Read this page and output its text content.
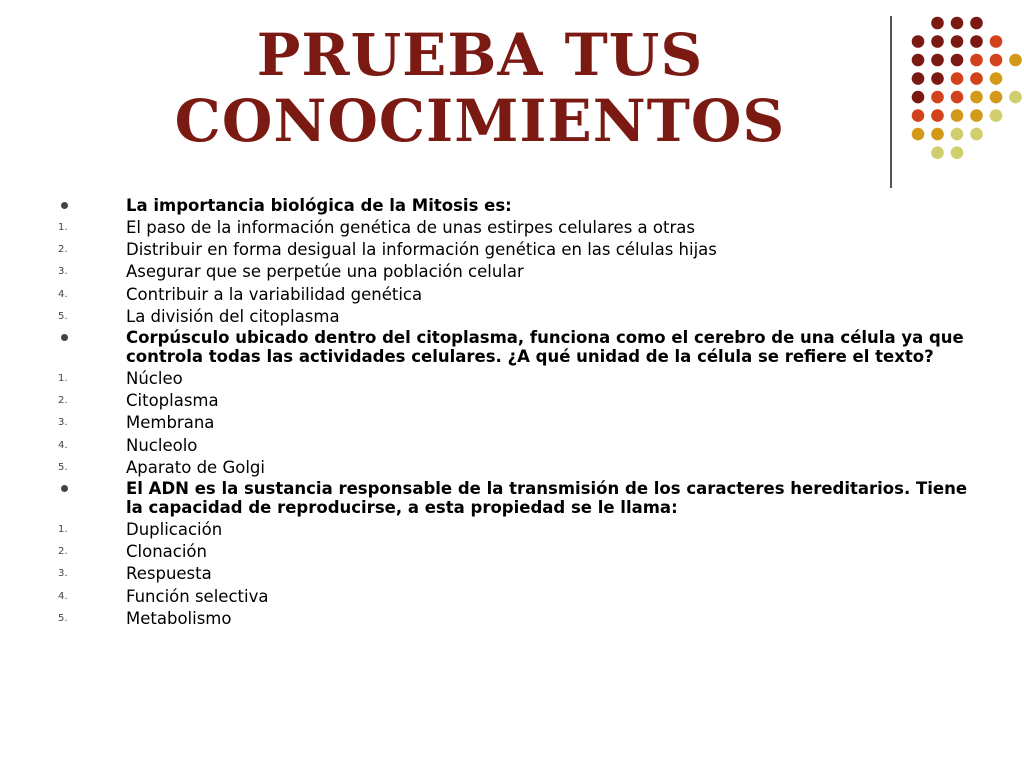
PRUEBA TUS
CONOCIMIENTOS
La importancia biológica de la Mitosis es:
1.	El paso de la información genética de unas estirpes celulares a otras
2.	Distribuir en forma desigual la información genética en las células hijas
3.	Asegurar que se perpetúe una población celular
4.	Contribuir a la variabilidad genética
5.	La división del citoplasma
Corpúsculo ubicado dentro del citoplasma, funciona como el cerebro de una célula ya que controla todas las actividades celulares. ¿A qué unidad de la célula se refiere el texto?
1.	Núcleo
2.	Citoplasma
3.	Membrana
4.	Nucleolo
5.	Aparato de Golgi
El ADN es la sustancia responsable de la transmisión de los caracteres hereditarios. Tiene la capacidad de reproducirse, a esta propiedad se le llama:
1.	Duplicación
2.	Clonación
3.	Respuesta
4.	Función selectiva
5.	Metabolismo
